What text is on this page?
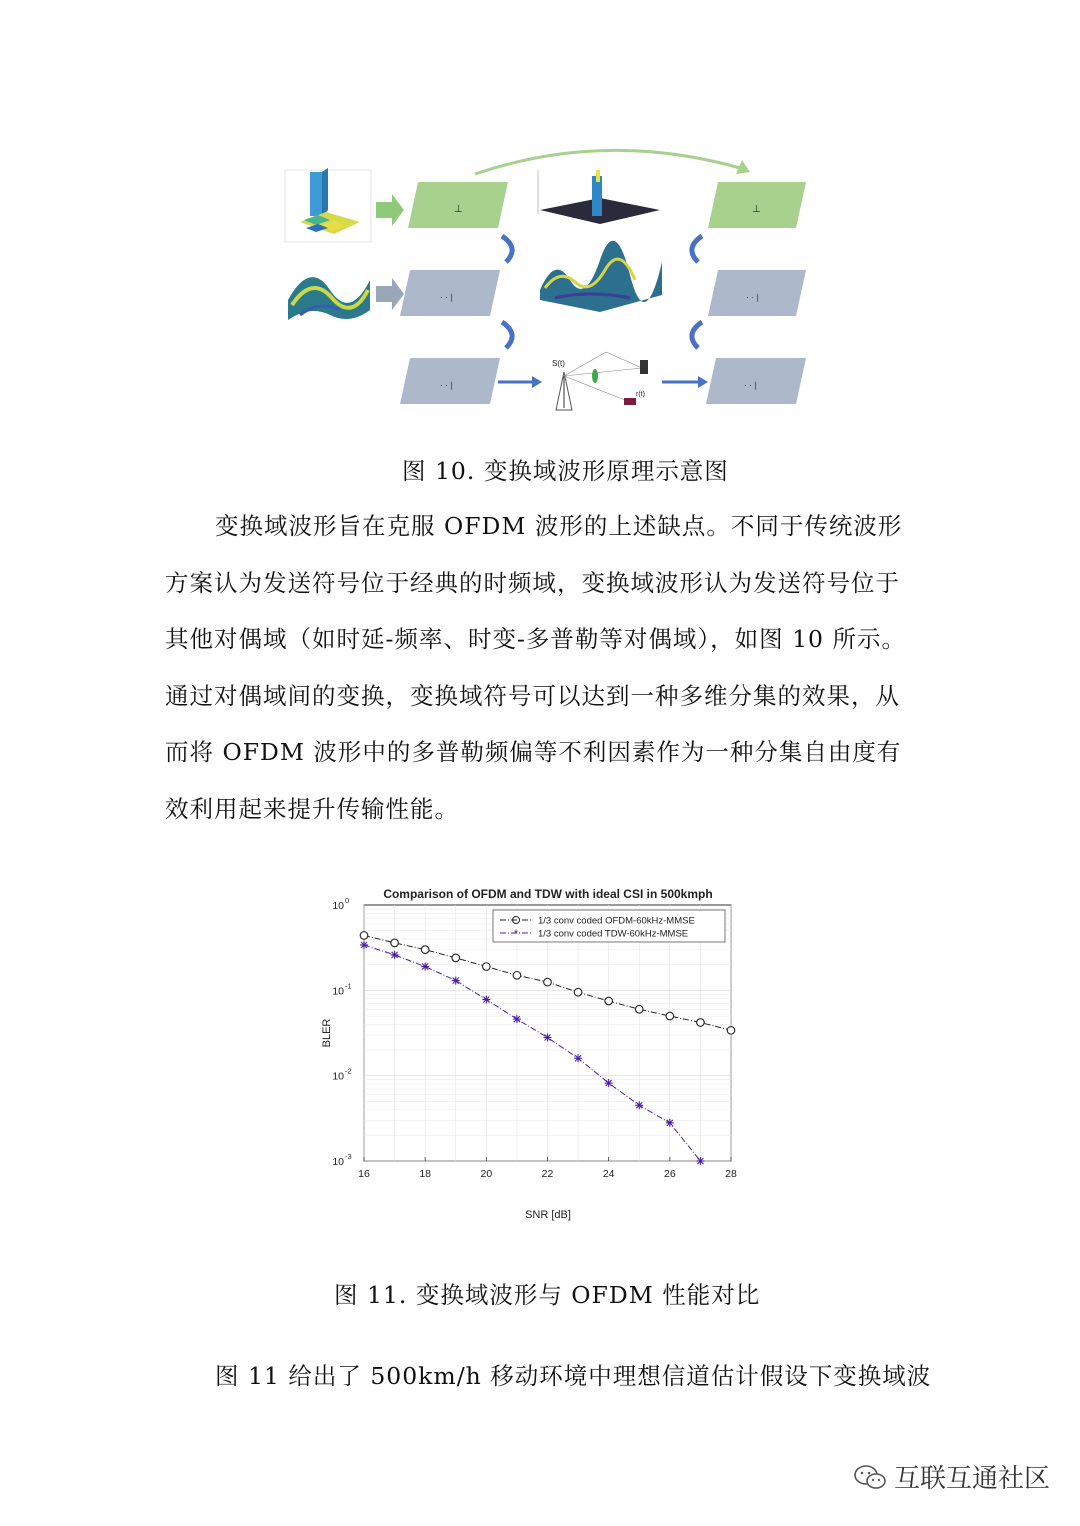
⊥
· · ∣
· · ∣
S(t)
r(t)
⊥
· · ∣
· · ∣
图 10. 变换域波形原理示意图
变换域波形旨在克服 OFDM 波形的上述缺点。不同于传统波形
方案认为发送符号位于经典的时频域，变换域波形认为发送符号位于
其他对偶域（如时延-频率、时变-多普勒等对偶域），如图 10 所示。
通过对偶域间的变换，变换域符号可以达到一种多维分集的效果，从
而将 OFDM 波形中的多普勒频偏等不利因素作为一种分集自由度有
效利用起来提升传输性能。
Comparison of OFDM and TDW with ideal CSI in 500kmph
SNR [dB]
BLER
16	18	20	22	24	26	28
10 0
10 -1
10 -2
10 -3
1/3 conv coded OFDM-60kHz-MMSE
* 1/3 conv coded TDW-60kHz-MMSE
图 11. 变换域波形与 OFDM 性能对比
图 11 给出了 500km/h 移动环境中理想信道估计假设下变换域波
互联互通社区
